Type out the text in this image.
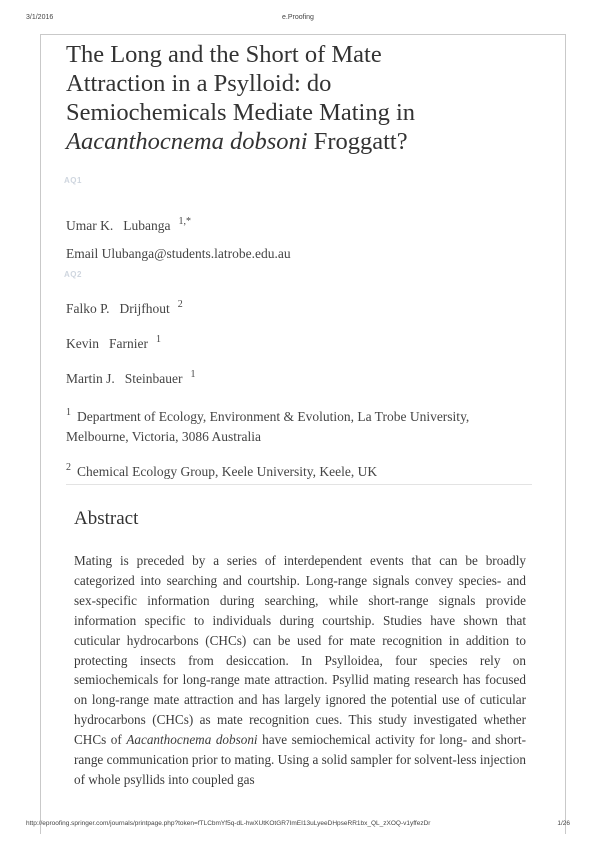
3/1/2016	e.Proofing
The Long and the Short of Mate
Attraction in a Psylloid: do
Semiochemicals Mediate Mating in
Aacanthocnema dobsoni Froggatt?
AQ1
Umar K. Lubanga $^{1,*}$
Email Ulubanga@students.latrobe.edu.au
AQ2
Falko P. Drijfhout $^2$
Kevin Farnier $^1$
Martin J. Steinbauer $^1$
$^1$ Department of Ecology, Environment & Evolution, La Trobe University, Melbourne, Victoria, 3086 Australia
$^2$ Chemical Ecology Group, Keele University, Keele, UK
Abstract

Mating is preceded by a series of interdependent events that can be broadly categorized into searching and courtship. Long-range signals convey species- and sex-specific information during searching, while short-range signals provide information specific to individuals during courtship. Studies have shown that cuticular hydrocarbons (CHCs) can be used for mate recognition in addition to protecting insects from desiccation. In Psylloidea, four species rely on semiochemicals for long-range mate attraction. Psyllid mating research has focused on long-range mate attraction and has largely ignored the potential use of cuticular hydrocarbons (CHCs) as mate recognition cues. This study investigated whether CHCs of Aacanthocnema dobsoni have semiochemical activity for long- and short-range communication prior to mating. Using a solid sampler for solvent-less injection of whole psyllids into coupled gas

http://eproofing.springer.com/journals/printpage.php?token=fTLCbmYf5q-dL-hwXUtKOtGR7ImEI13uLyeeDHpseRR1bx_QL_zXOQ-v1yffezDr	1/26
